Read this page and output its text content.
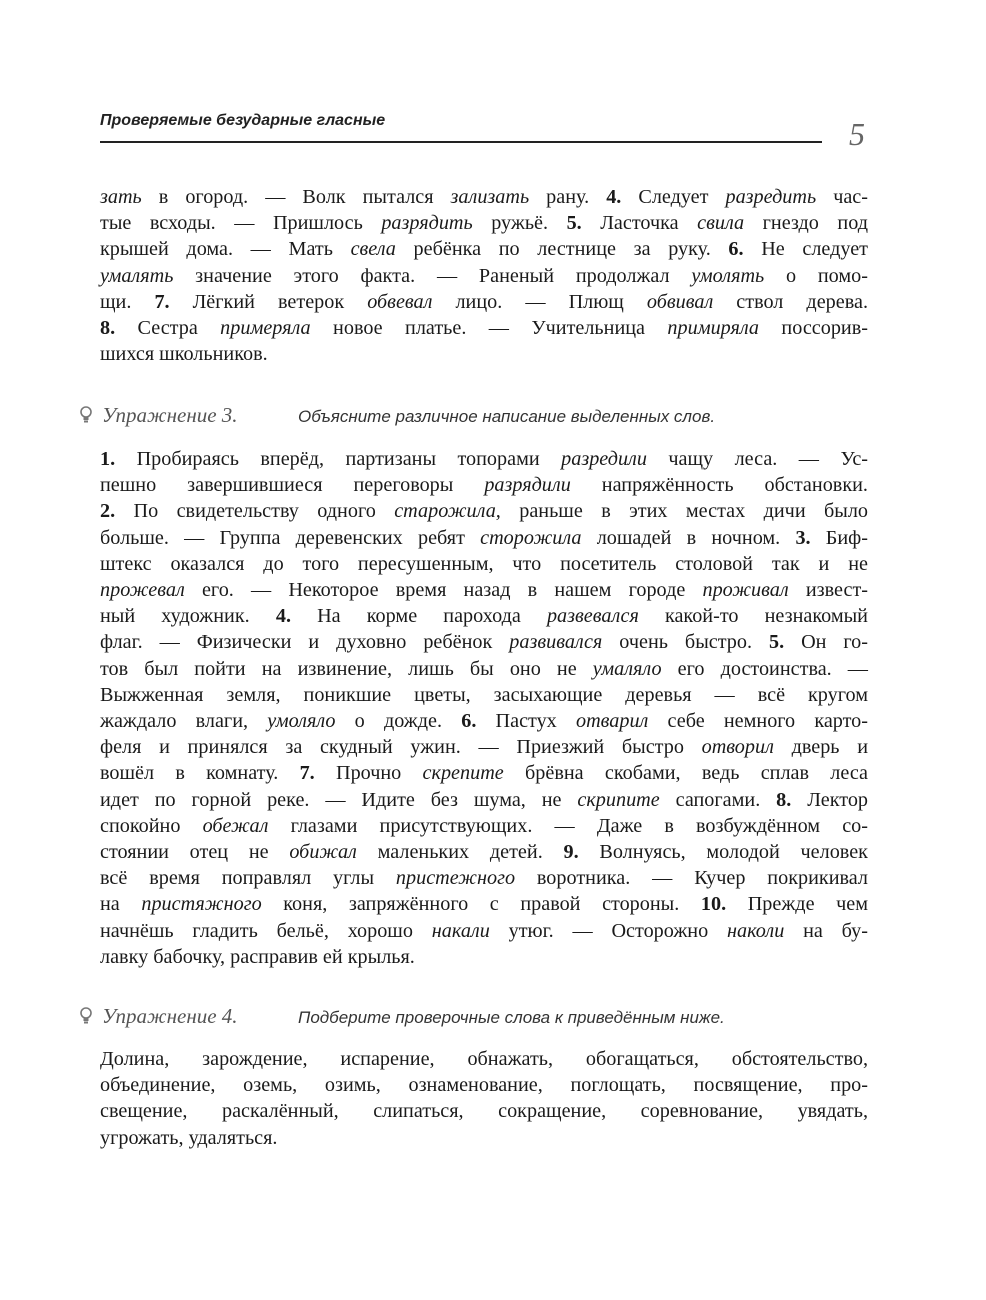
Проверяемые безударные гласные	5

зать в огород. — Волк пытался зализать рану. 4. Следует разредить час-
тые всходы. — Пришлось разрядить ружьё. 5. Ласточка свила гнездо под
крышей дома. — Мать свела ребёнка по лестнице за руку. 6. Не следует
умалять значение этого факта. — Раненый продолжал умолять о помо-
щи. 7. Лёгкий ветерок обвевал лицо. — Плющ обвивал ствол дерева.
8. Сестра примеряла новое платье. — Учительница примиряла поссорив-
шихся школьников.

Упражнение 3.	Объясните различное написание выделенных слов.

1. Пробираясь вперёд, партизаны топорами разредили чащу леса. — Ус-
пешно завершившиеся переговоры разрядили напряжённость обстановки.
2. По свидетельству одного старожила, раньше в этих местах дичи было
больше. — Группа деревенских ребят сторожила лошадей в ночном. 3. Биф-
штекс оказался до того пересушенным, что посетитель столовой так и не
прожевал его. — Некоторое время назад в нашем городе проживал извест-
ный художник. 4. На корме парохода развевался какой-то незнакомый
флаг. — Физически и духовно ребёнок развивался очень быстро. 5. Он го-
тов был пойти на извинение, лишь бы оно не умаляло его достоинства. —
Выжженная земля, поникшие цветы, засыхающие деревья — всё кругом
жаждало влаги, умоляло о дожде. 6. Пастух отварил себе немного карто-
феля и принялся за скудный ужин. — Приезжий быстро отворил дверь и
вошёл в комнату. 7. Прочно скрепите брёвна скобами, ведь сплав леса
идет по горной реке. — Идите без шума, не скрипите сапогами. 8. Лектор
спокойно обежал глазами присутствующих. — Даже в возбуждённом со-
стоянии отец не обижал маленьких детей. 9. Волнуясь, молодой человек
всё время поправлял углы пристежного воротника. — Кучер покрикивал
на пристяжного коня, запряжённого с правой стороны. 10. Прежде чем
начнёшь гладить бельё, хорошо накали утюг. — Осторожно наколи на бу-
лавку бабочку, расправив ей крылья.

Упражнение 4.	Подберите проверочные слова к приведённым ниже.

Долина, зарождение, испарение, обнажать, обогащаться, обстоятельство,
объединение, оземь, озимь, ознаменование, поглощать, посвящение, про-
свещение, раскалённый, слипаться, сокращение, соревнование, увядать,
угрожать, удаляться.
